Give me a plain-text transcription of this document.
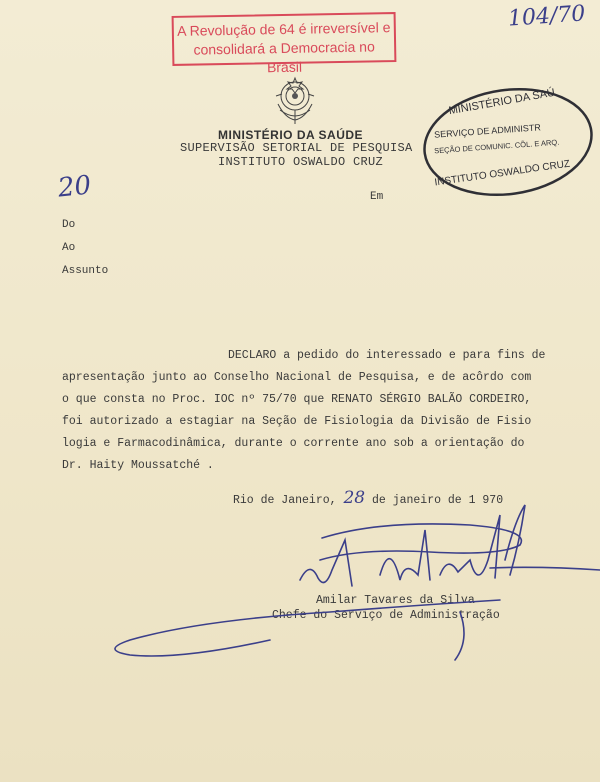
A Revolução de 64 é irreversível e
consolidará a Democracia no Brasil
104/70
MINISTÉRIO DA SAÚDE
SUPERVISÃO SETORIAL DE PESQUISA
INSTITUTO OSWALDO CRUZ
MINISTÉRIO DA SAÚ
SERVIÇO DE ADMINISTR
SEÇÃO DE COMUNIC. CÕL. E ARQ.
INSTITUTO OSWALDO CRUZ
20	Em
Do
Ao
Assunto
DECLARO a pedido do interessado e para fins de
apresentação junto ao Conselho Nacional de Pesquisa, e de acôrdo com
o que consta no Proc. IOC nº 75/70 que RENATO SÉRGIO BALÃO CORDEIRO,
foi autorizado a estagiar na Seção de Fisiologia da Divisão de Fisio
logia e Farmacodinâmica, durante o corrente ano sob a orientação do
Dr. Haity Moussatché .
Rio de Janeiro, 28 de janeiro de 1 970
Amilar Tavares da Silva
Chefe do Serviço de Administração
